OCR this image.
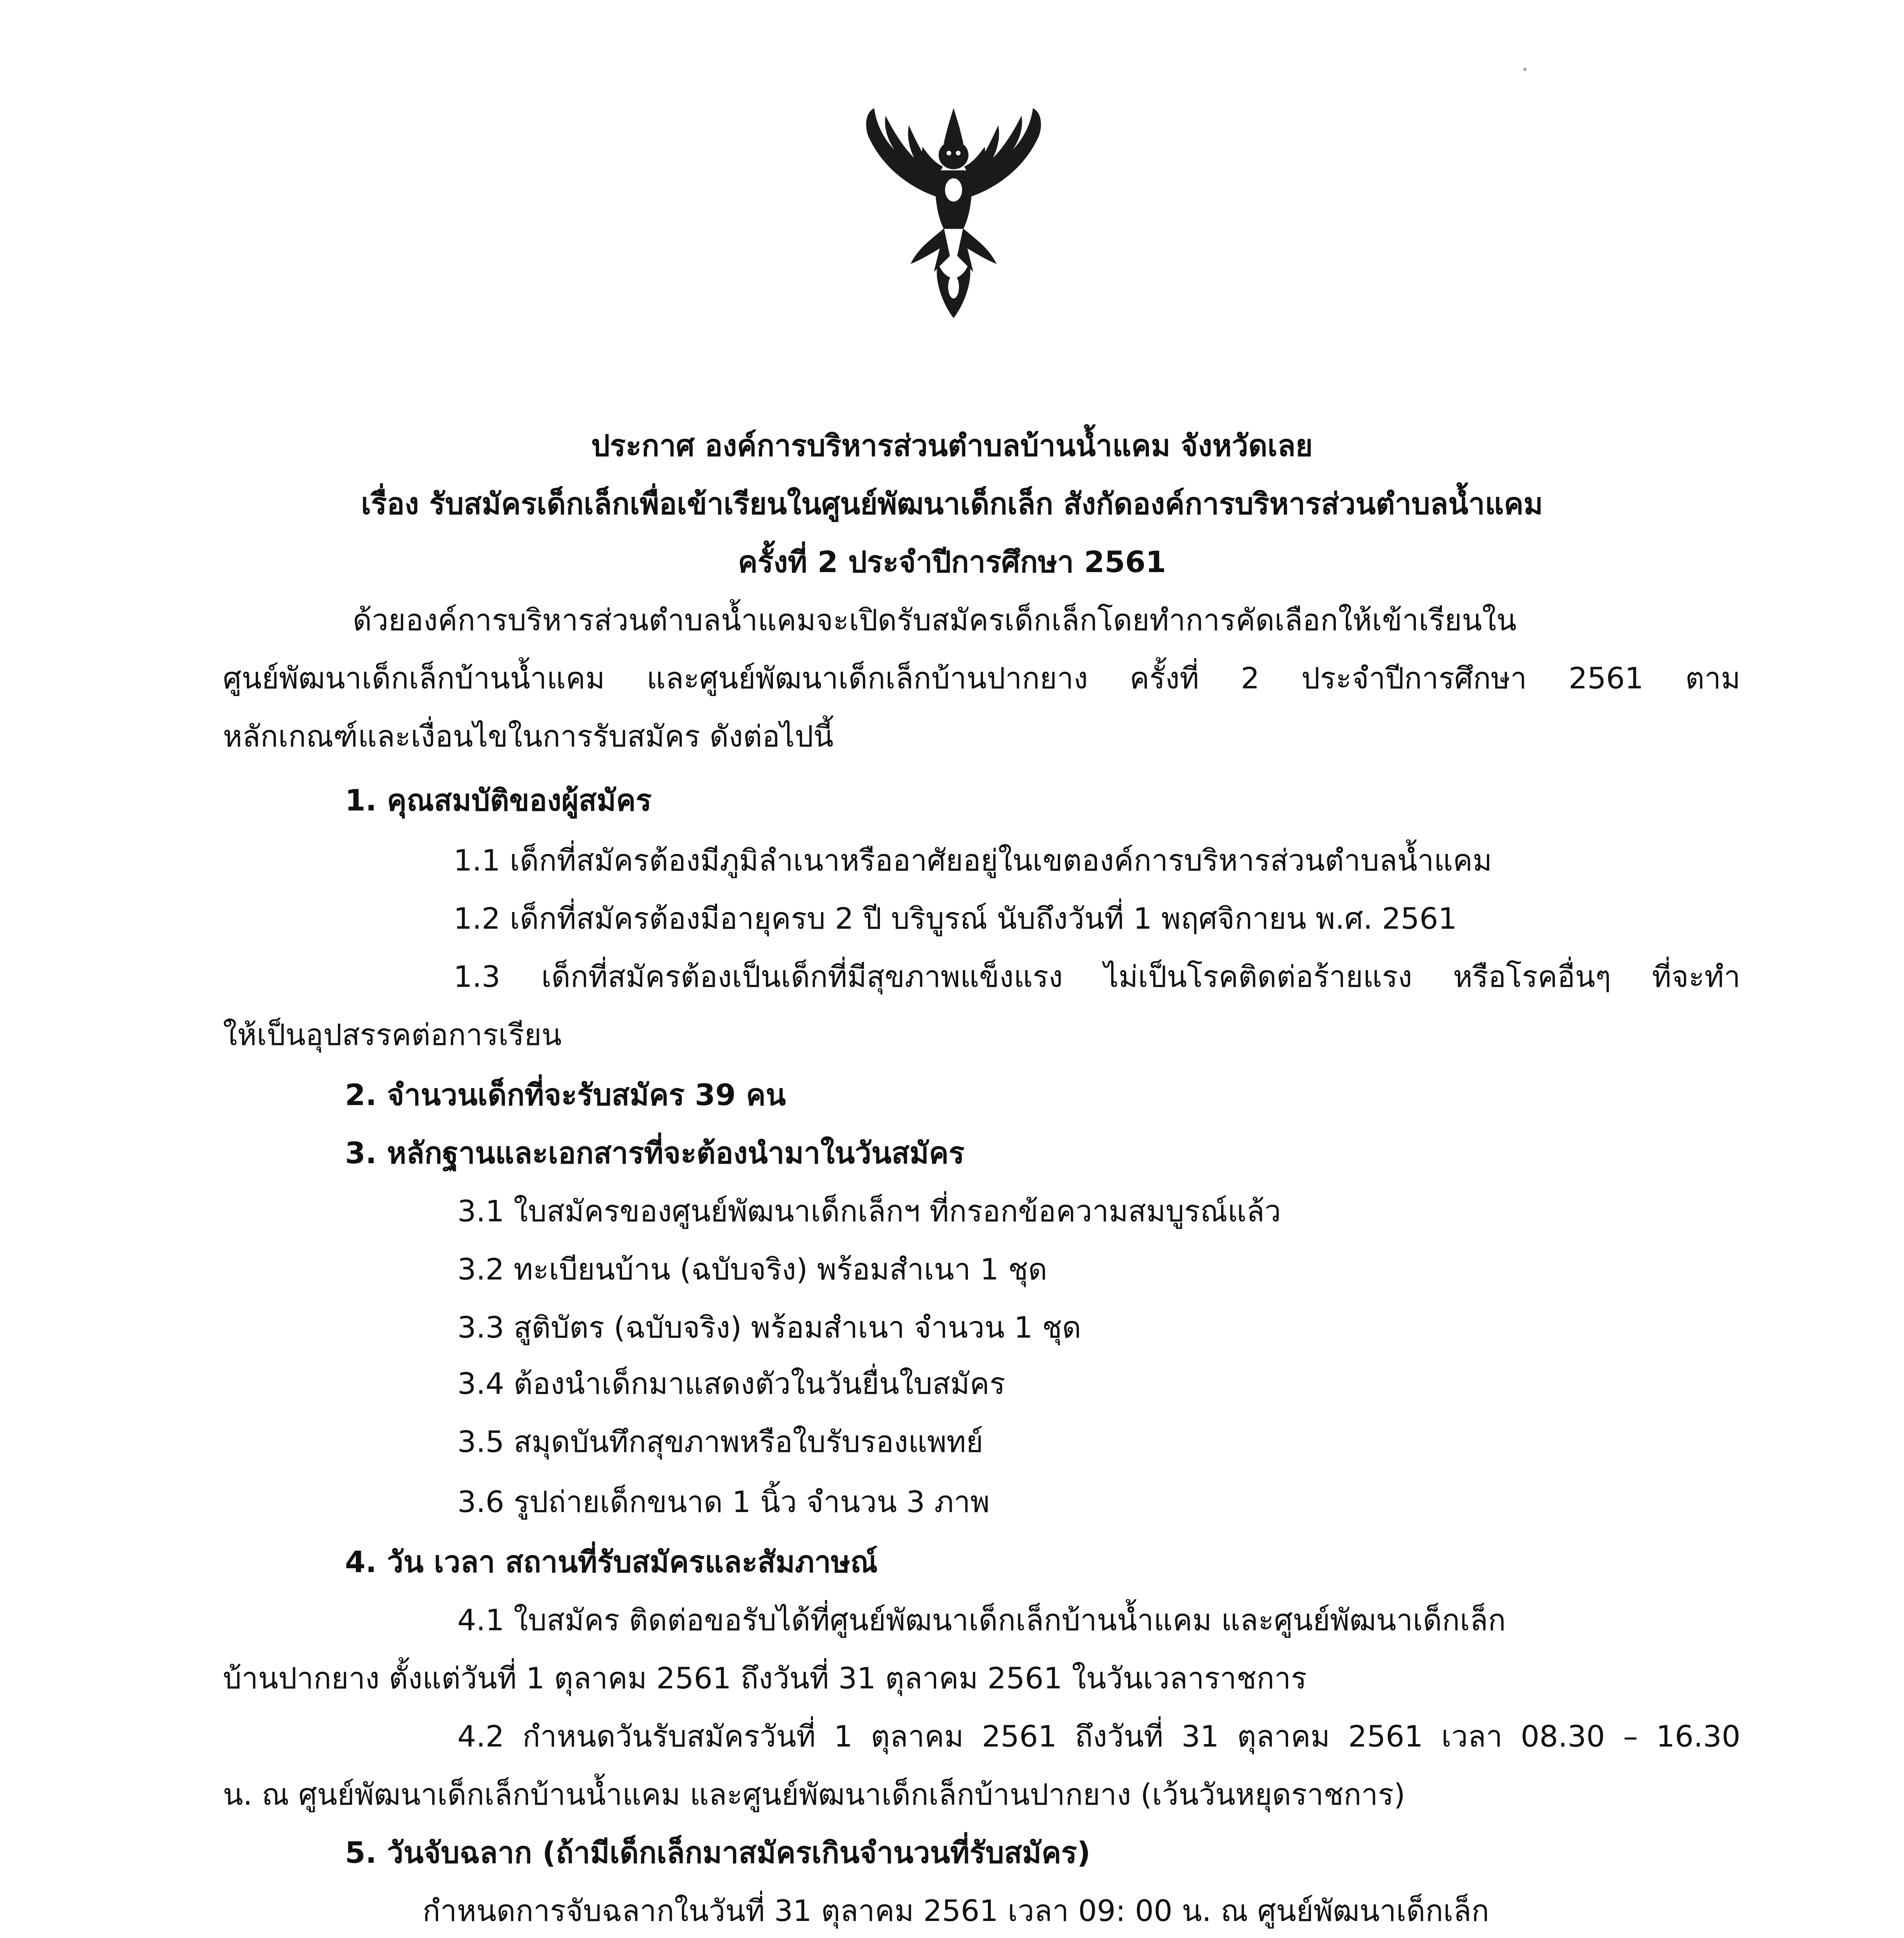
ประกาศ องค์การบริหารส่วนตำบลบ้านน้ำแคม จังหวัดเลย
เรื่อง รับสมัครเด็กเล็กเพื่อเข้าเรียนในศูนย์พัฒนาเด็กเล็ก สังกัดองค์การบริหารส่วนตำบลน้ำแคม
ครั้งที่ 2 ประจำปีการศึกษา 2561
ด้วยองค์การบริหารส่วนตำบลน้ำแคมจะเปิดรับสมัครเด็กเล็กโดยทำการคัดเลือกให้เข้าเรียนใน
ศูนย์พัฒนาเด็กเล็กบ้านน้ำแคม และศูนย์พัฒนาเด็กเล็กบ้านปากยาง ครั้งที่ 2 ประจำปีการศึกษา 2561 ตาม
หลักเกณฑ์และเงื่อนไขในการรับสมัคร ดังต่อไปนี้
1. คุณสมบัติของผู้สมัคร
1.1 เด็กที่สมัครต้องมีภูมิลำเนาหรืออาศัยอยู่ในเขตองค์การบริหารส่วนตำบลน้ำแคม
1.2 เด็กที่สมัครต้องมีอายุครบ 2 ปี บริบูรณ์ นับถึงวันที่ 1 พฤศจิกายน พ.ศ. 2561
1.3 เด็กที่สมัครต้องเป็นเด็กที่มีสุขภาพแข็งแรง ไม่เป็นโรคติดต่อร้ายแรง หรือโรคอื่นๆ ที่จะทำ
ให้เป็นอุปสรรคต่อการเรียน
2. จำนวนเด็กที่จะรับสมัคร 39 คน
3. หลักฐานและเอกสารที่จะต้องนำมาในวันสมัคร
3.1 ใบสมัครของศูนย์พัฒนาเด็กเล็กฯ ที่กรอกข้อความสมบูรณ์แล้ว
3.2 ทะเบียนบ้าน (ฉบับจริง) พร้อมสำเนา 1 ชุด
3.3 สูติบัตร (ฉบับจริง) พร้อมสำเนา จำนวน 1 ชุด
3.4 ต้องนำเด็กมาแสดงตัวในวันยื่นใบสมัคร
3.5 สมุดบันทึกสุขภาพหรือใบรับรองแพทย์
3.6 รูปถ่ายเด็กขนาด 1 นิ้ว จำนวน 3 ภาพ
4. วัน เวลา สถานที่รับสมัครและสัมภาษณ์
4.1 ใบสมัคร ติดต่อขอรับได้ที่ศูนย์พัฒนาเด็กเล็กบ้านน้ำแคม และศูนย์พัฒนาเด็กเล็ก
บ้านปากยาง ตั้งแต่วันที่ 1 ตุลาคม 2561 ถึงวันที่ 31 ตุลาคม 2561 ในวันเวลาราชการ
4.2 กำหนดวันรับสมัครวันที่ 1 ตุลาคม 2561 ถึงวันที่ 31 ตุลาคม 2561 เวลา 08.30 – 16.30
น. ณ ศูนย์พัฒนาเด็กเล็กบ้านน้ำแคม และศูนย์พัฒนาเด็กเล็กบ้านปากยาง (เว้นวันหยุดราชการ)
5. วันจับฉลาก (ถ้ามีเด็กเล็กมาสมัครเกินจำนวนที่รับสมัคร)
กำหนดการจับฉลากในวันที่ 31 ตุลาคม 2561 เวลา 09: 00 น. ณ ศูนย์พัฒนาเด็กเล็ก
